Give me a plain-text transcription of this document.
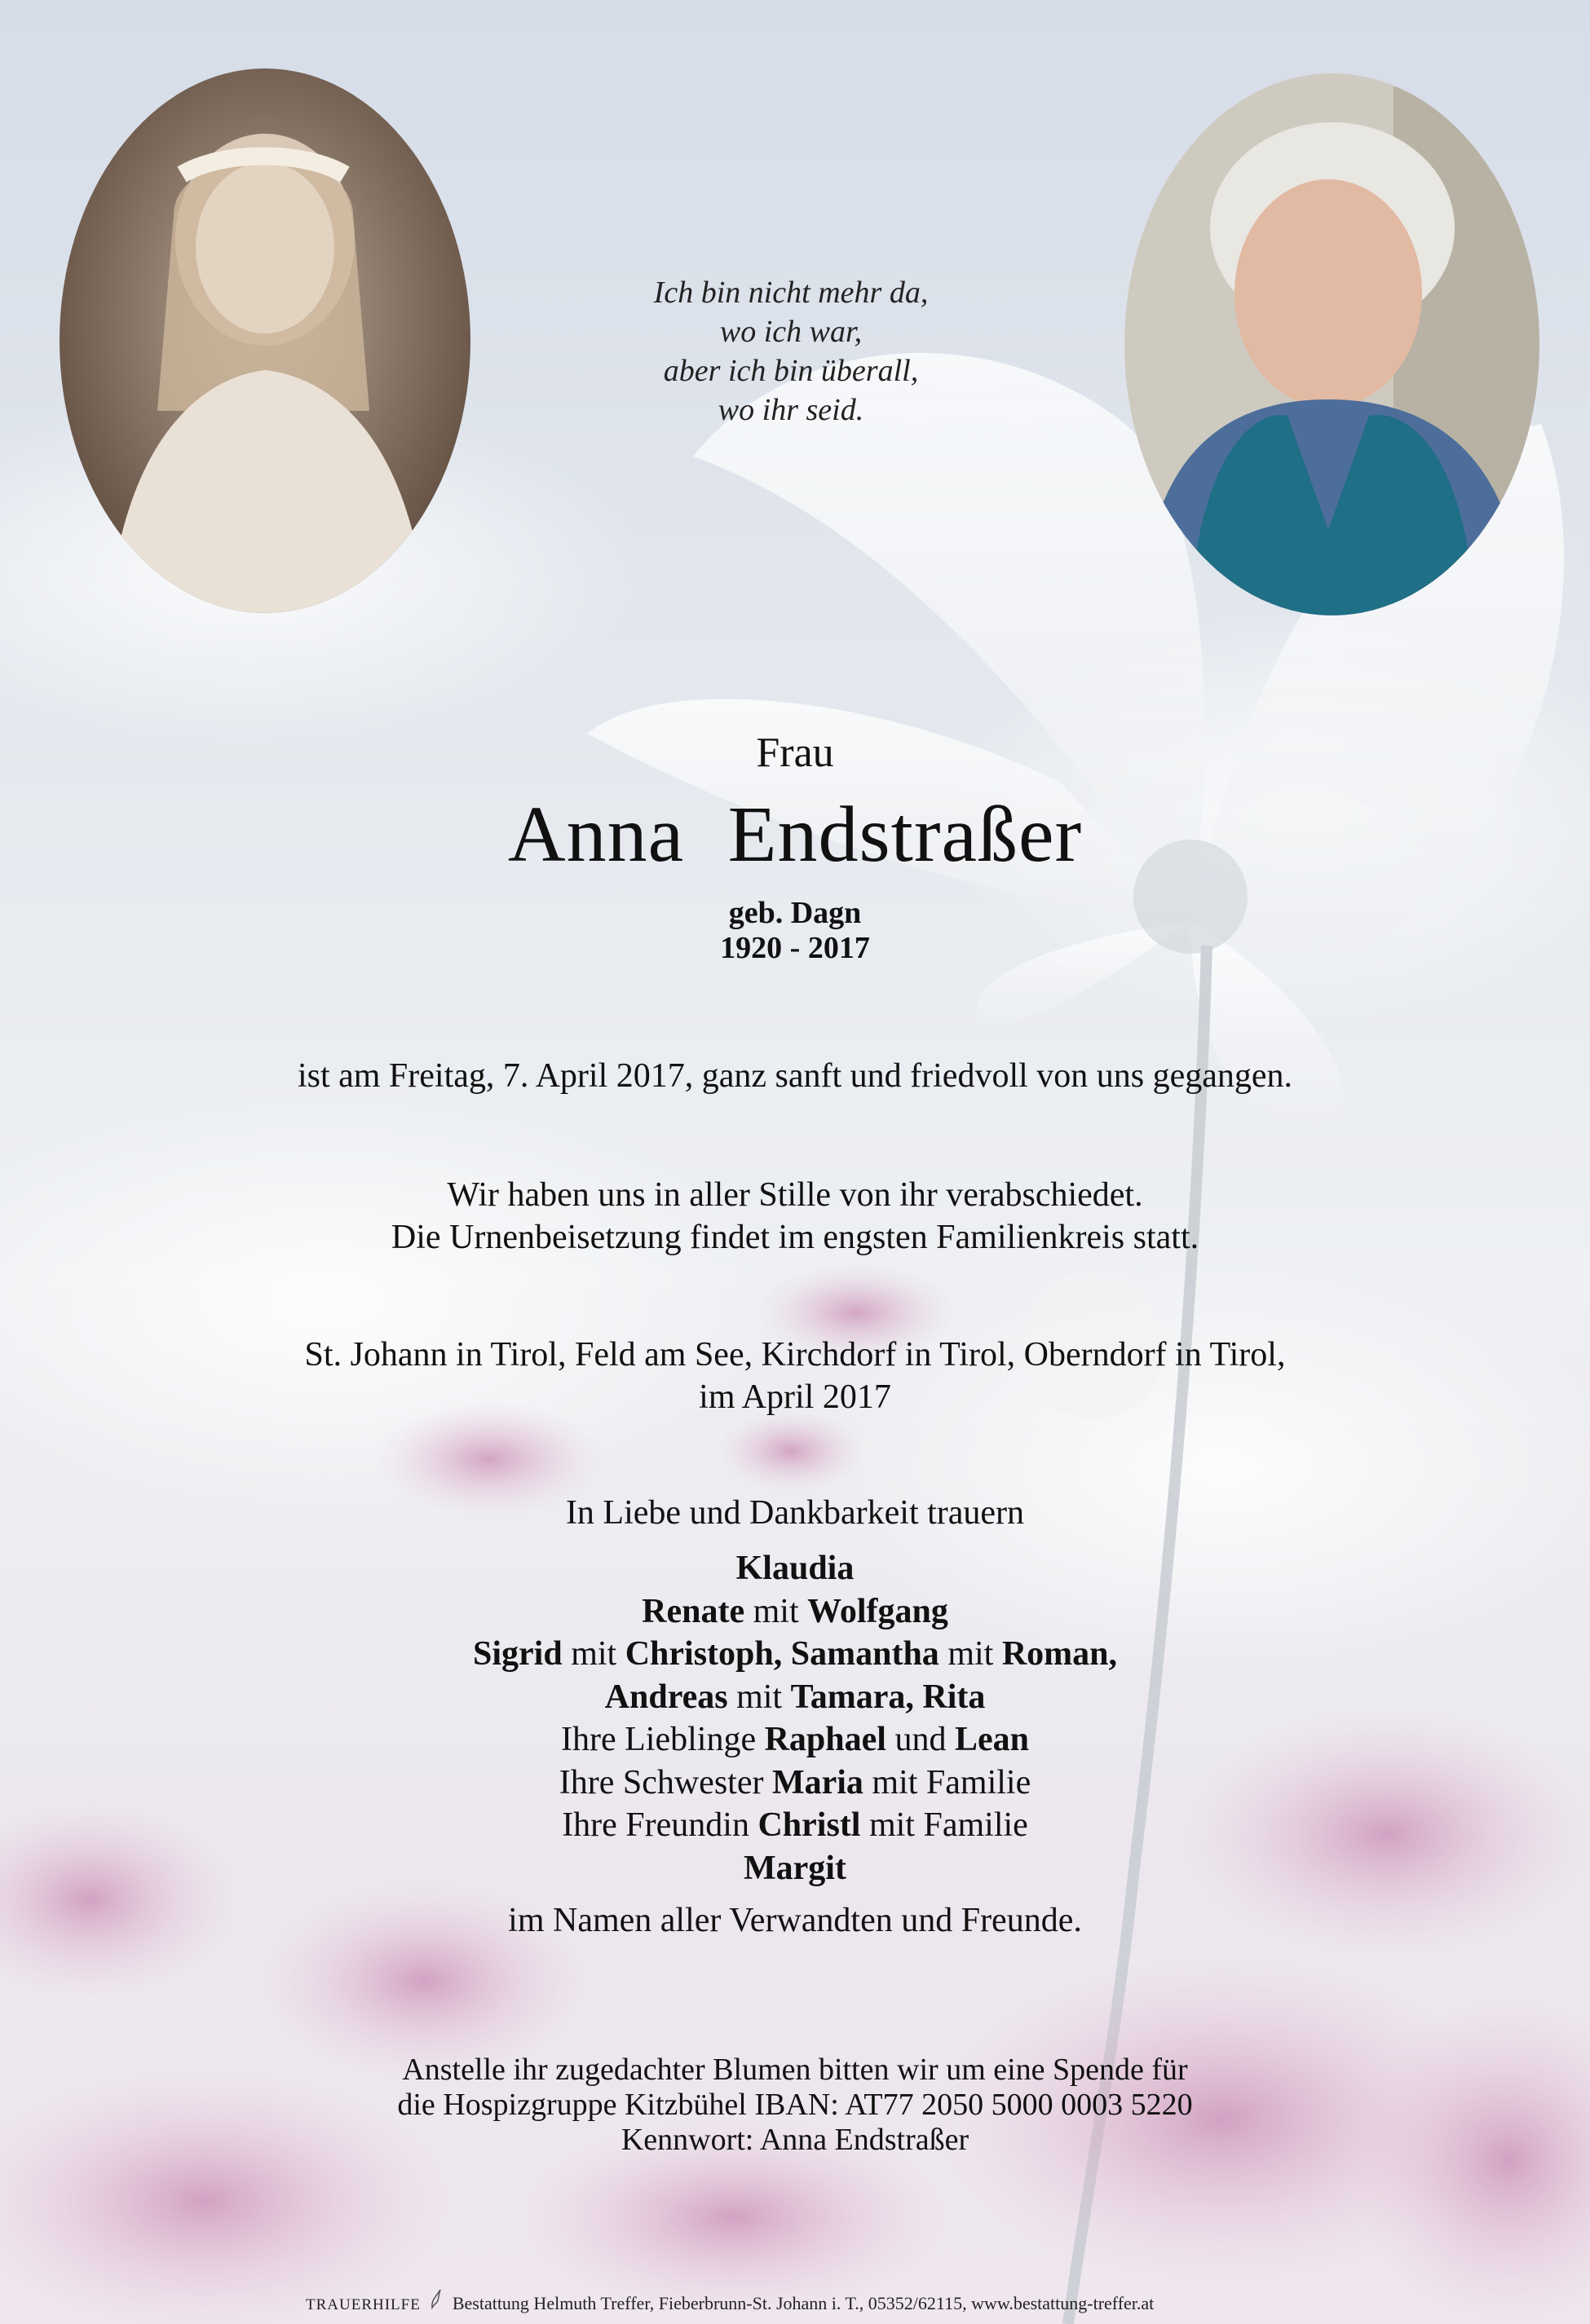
Ich bin nicht mehr da,
wo ich war,
aber ich bin überall,
wo ihr seid.
Frau
Anna Endstraßer
geb. Dagn
1920 - 2017
ist am Freitag, 7. April 2017, ganz sanft und friedvoll von uns gegangen.
Wir haben uns in aller Stille von ihr verabschiedet.
Die Urnenbeisetzung findet im engsten Familienkreis statt.
St. Johann in Tirol, Feld am See, Kirchdorf in Tirol, Oberndorf in Tirol,
im April 2017
In Liebe und Dankbarkeit trauern
Klaudia
Renate mit Wolfgang
Sigrid mit Christoph, Samantha mit Roman,
Andreas mit Tamara, Rita
Ihre Lieblinge Raphael und Lean
Ihre Schwester Maria mit Familie
Ihre Freundin Christl mit Familie
Margit
im Namen aller Verwandten und Freunde.
Anstelle ihr zugedachter Blumen bitten wir um eine Spende für
die Hospizgruppe Kitzbühel IBAN: AT77 2050 5000 0003 5220
Kennwort: Anna Endstraßer
TRAUERHILFE Bestattung Helmuth Treffer, Fieberbrunn-St. Johann i. T., 05352/62115, www.bestattung-treffer.at
